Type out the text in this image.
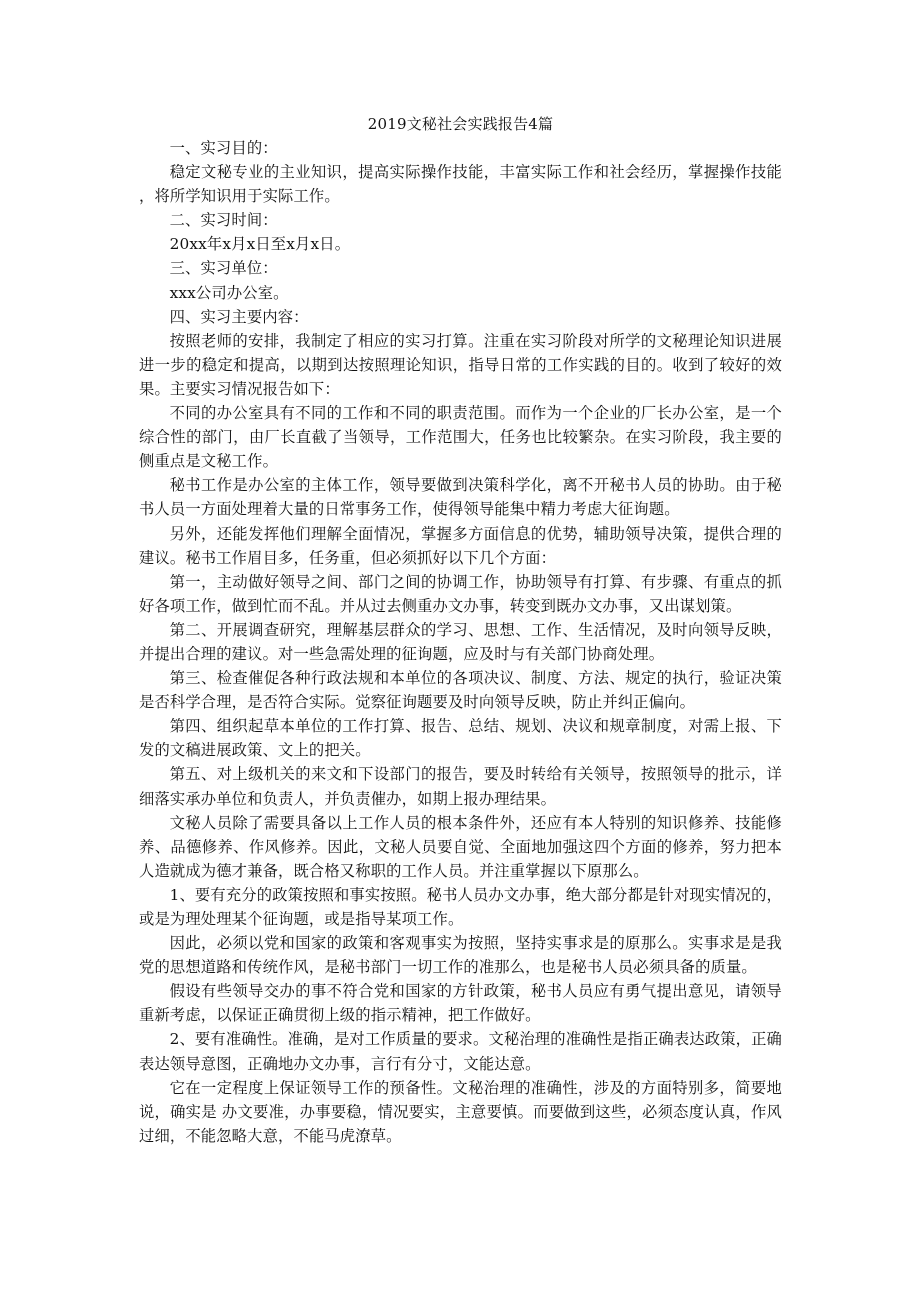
2019文秘社会实践报告4篇

一、实习目的：

稳定文秘专业的主业知识，提高实际操作技能，丰富实际工作和社会经历，掌握操作技能，将所学知识用于实际工作。

二、实习时间：

20xx年x月x日至x月x日。

三、实习单位：

xxx公司办公室。

四、实习主要内容：

按照老师的安排，我制定了相应的实习打算。注重在实习阶段对所学的文秘理论知识进展进一步的稳定和提高，以期到达按照理论知识，指导日常的工作实践的目的。收到了较好的效果。主要实习情况报告如下：

不同的办公室具有不同的工作和不同的职责范围。而作为一个企业的厂长办公室，是一个综合性的部门，由厂长直截了当领导，工作范围大，任务也比较繁杂。在实习阶段，我主要的侧重点是文秘工作。

秘书工作是办公室的主体工作，领导要做到决策科学化，离不开秘书人员的协助。由于秘书人员一方面处理着大量的日常事务工作，使得领导能集中精力考虑大征询题。

另外，还能发挥他们理解全面情况，掌握多方面信息的优势，辅助领导决策，提供合理的建议。秘书工作眉目多，任务重，但必须抓好以下几个方面：

第一，主动做好领导之间、部门之间的协调工作，协助领导有打算、有步骤、有重点的抓好各项工作，做到忙而不乱。并从过去侧重办文办事，转变到既办文办事，又出谋划策。

第二、开展调查研究，理解基层群众的学习、思想、工作、生活情况，及时向领导反映，并提出合理的建议。对一些急需处理的征询题，应及时与有关部门协商处理。

第三、检查催促各种行政法规和本单位的各项决议、制度、方法、规定的执行，验证决策是否科学合理，是否符合实际。觉察征询题要及时向领导反映，防止并纠正偏向。

第四、组织起草本单位的工作打算、报告、总结、规划、决议和规章制度，对需上报、下发的文稿进展政策、文上的把关。

第五、对上级机关的来文和下设部门的报告，要及时转给有关领导，按照领导的批示，详细落实承办单位和负责人，并负责催办，如期上报办理结果。

文秘人员除了需要具备以上工作人员的根本条件外，还应有本人特别的知识修养、技能修养、品德修养、作风修养。因此，文秘人员要自觉、全面地加强这四个方面的修养，努力把本人造就成为德才兼备，既合格又称职的工作人员。并注重掌握以下原那么。

1、要有充分的政策按照和事实按照。秘书人员办文办事，绝大部分都是针对现实情况的，或是为理处理某个征询题，或是指导某项工作。

因此，必须以党和国家的政策和客观事实为按照，坚持实事求是的原那么。实事求是是我党的思想道路和传统作风，是秘书部门一切工作的准那么，也是秘书人员必须具备的质量。

假设有些领导交办的事不符合党和国家的方针政策，秘书人员应有勇气提出意见，请领导重新考虑，以保证正确贯彻上级的指示精神，把工作做好。

2、要有准确性。准确，是对工作质量的要求。文秘治理的准确性是指正确表达政策，正确表达领导意图，正确地办文办事，言行有分寸，文能达意。

它在一定程度上保证领导工作的预备性。文秘治理的准确性，涉及的方面特别多，简要地说，确实是 办文要准，办事要稳，情况要实，主意要慎。而要做到这些，必须态度认真，作风过细，不能忽略大意，不能马虎潦草。
